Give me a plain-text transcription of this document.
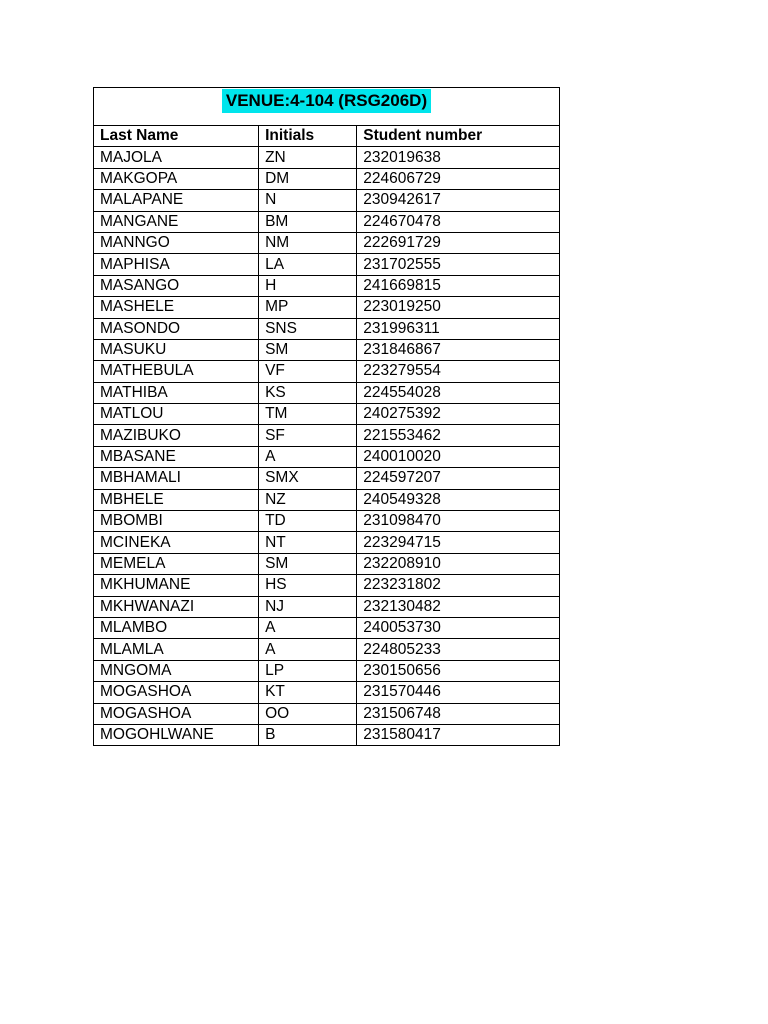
VENUE:4-104 (RSG206D)		
Last Name	Initials	Student number
MAJOLA	ZN	232019638
MAKGOPA	DM	224606729
MALAPANE	N	230942617
MANGANE	BM	224670478
MANNGO	NM	222691729
MAPHISA	LA	231702555
MASANGO	H	241669815
MASHELE	MP	223019250
MASONDO	SNS	231996311
MASUKU	SM	231846867
MATHEBULA	VF	223279554
MATHIBA	KS	224554028
MATLOU	TM	240275392
MAZIBUKO	SF	221553462
MBASANE	A	240010020
MBHAMALI	SMX	224597207
MBHELE	NZ	240549328
MBOMBI	TD	231098470
MCINEKA	NT	223294715
MEMELA	SM	232208910
MKHUMANE	HS	223231802
MKHWANAZI	NJ	232130482
MLAMBO	A	240053730
MLAMLA	A	224805233
MNGOMA	LP	230150656
MOGASHOA	KT	231570446
MOGASHOA	OO	231506748
MOGOHLWANE	B	231580417
